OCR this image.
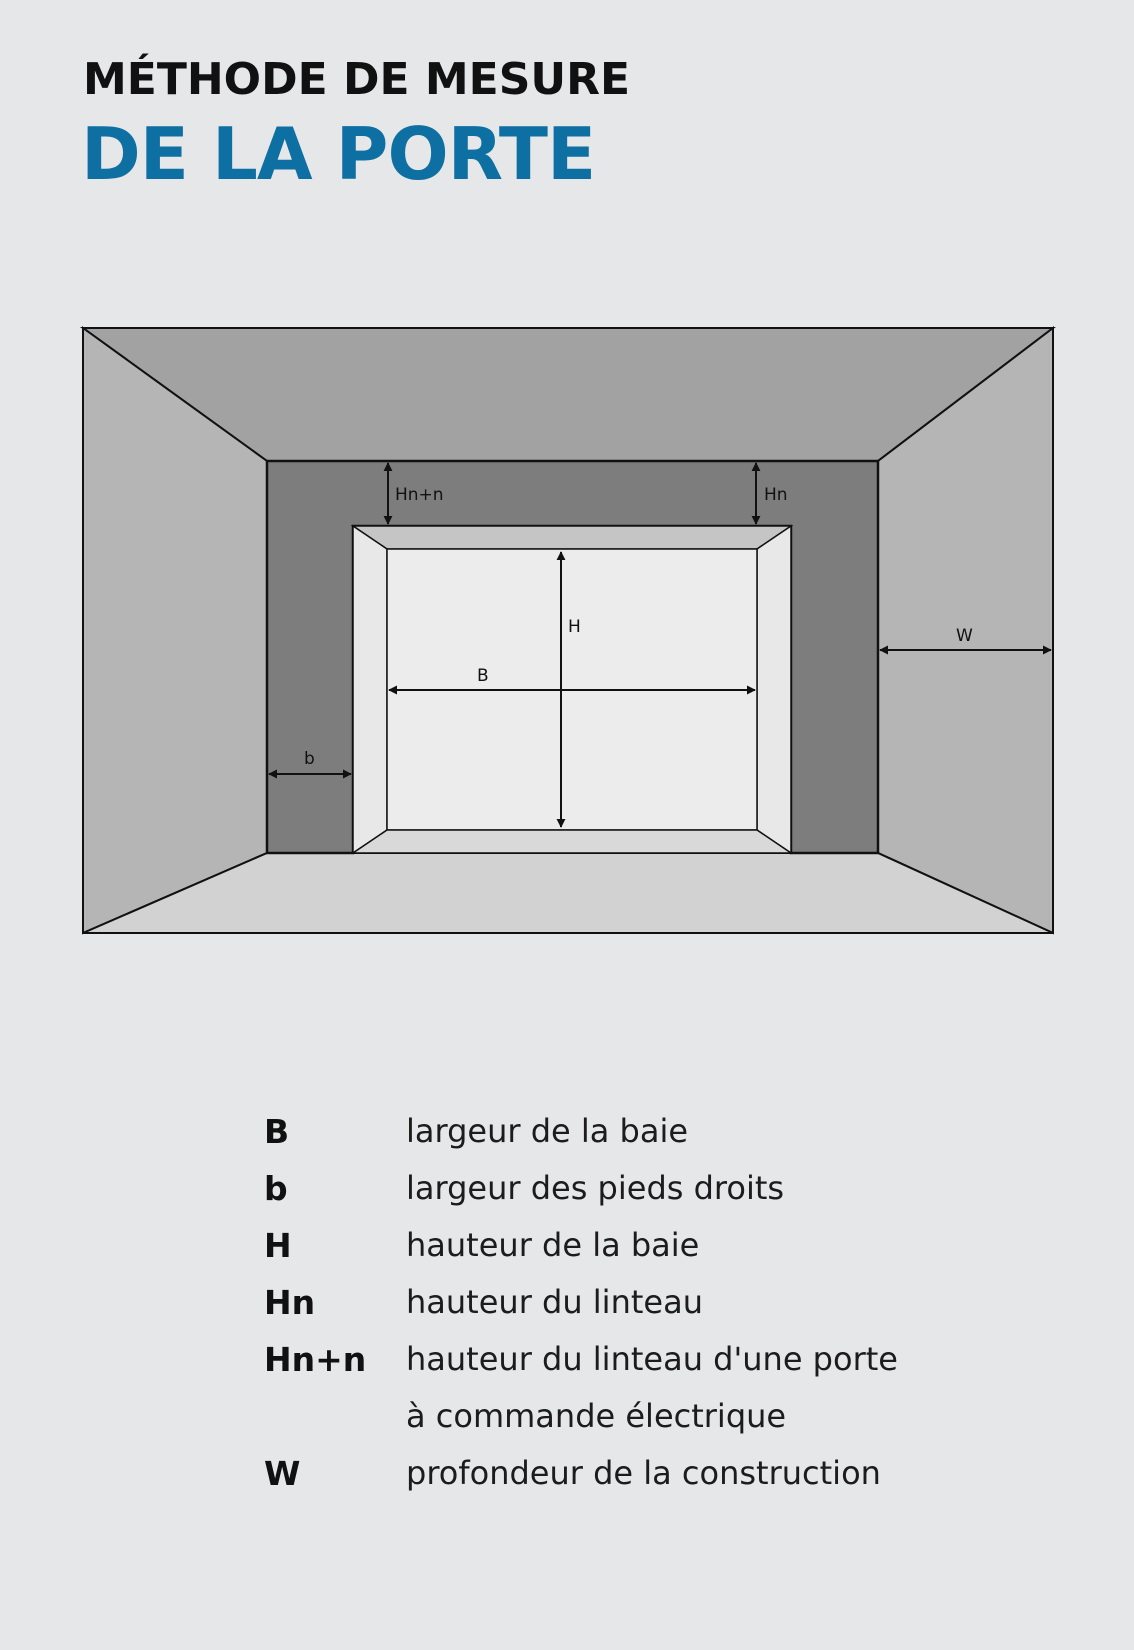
MÉTHODE DE MESURE
DE LA PORTE
Hn+n	Hn
H
B
b
W
B	largeur de la baie
b	largeur des pieds droits
H	hauteur de la baie
Hn	hauteur du linteau
Hn+n hauteur du linteau d'une porte
à commande électrique
W	profondeur de la construction
